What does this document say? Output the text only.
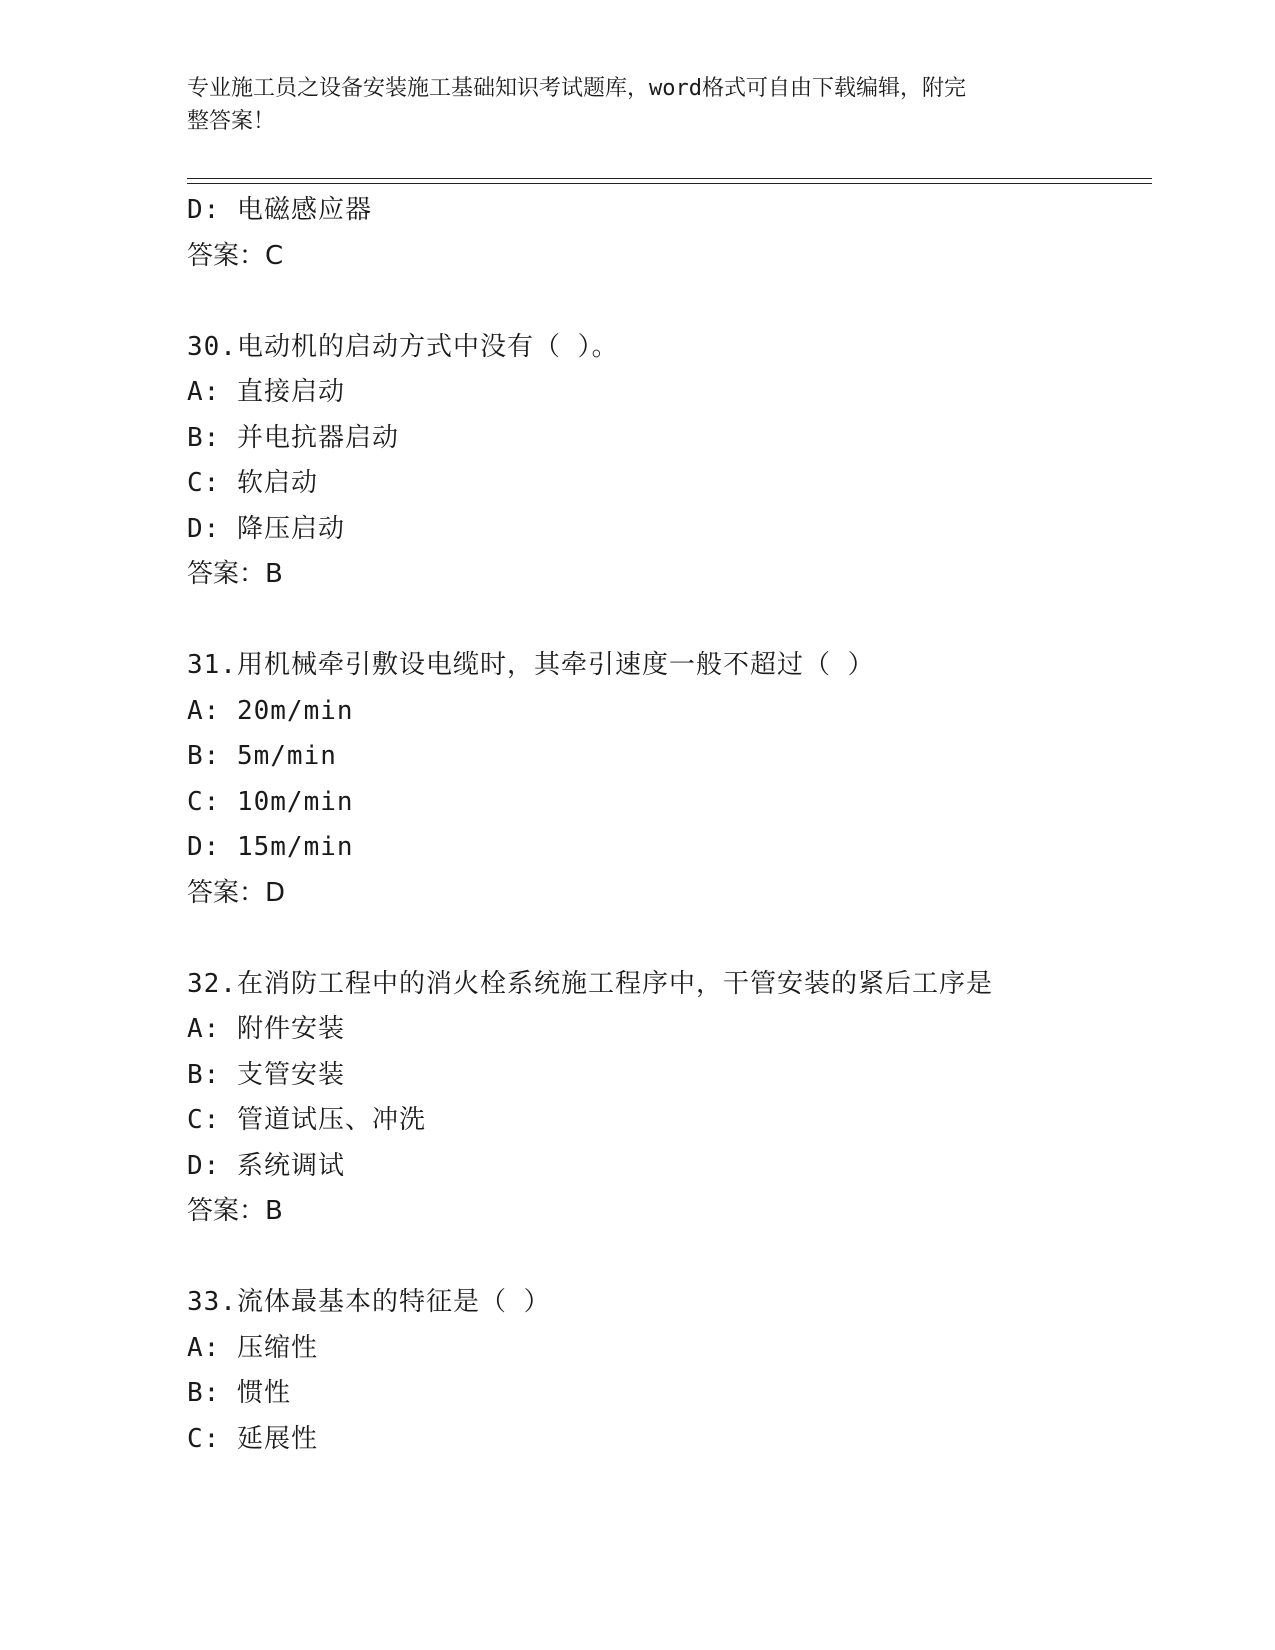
专业施工员之设备安装施工基础知识考试题库，word格式可自由下载编辑，附完
整答案！
D: 电磁感应器
答案：C
30.电动机的启动方式中没有（ ）。
A: 直接启动
B: 并电抗器启动
C: 软启动
D: 降压启动
答案：B
31.用机械牵引敷设电缆时，其牵引速度一般不超过（ ）
A: 20m/min
B: 5m/min
C: 10m/min
D: 15m/min
答案：D
32.在消防工程中的消火栓系统施工程序中，干管安装的紧后工序是
A: 附件安装
B: 支管安装
C: 管道试压、冲洗
D: 系统调试
答案：B
33.流体最基本的特征是（ ）
A: 压缩性
B: 惯性
C: 延展性
